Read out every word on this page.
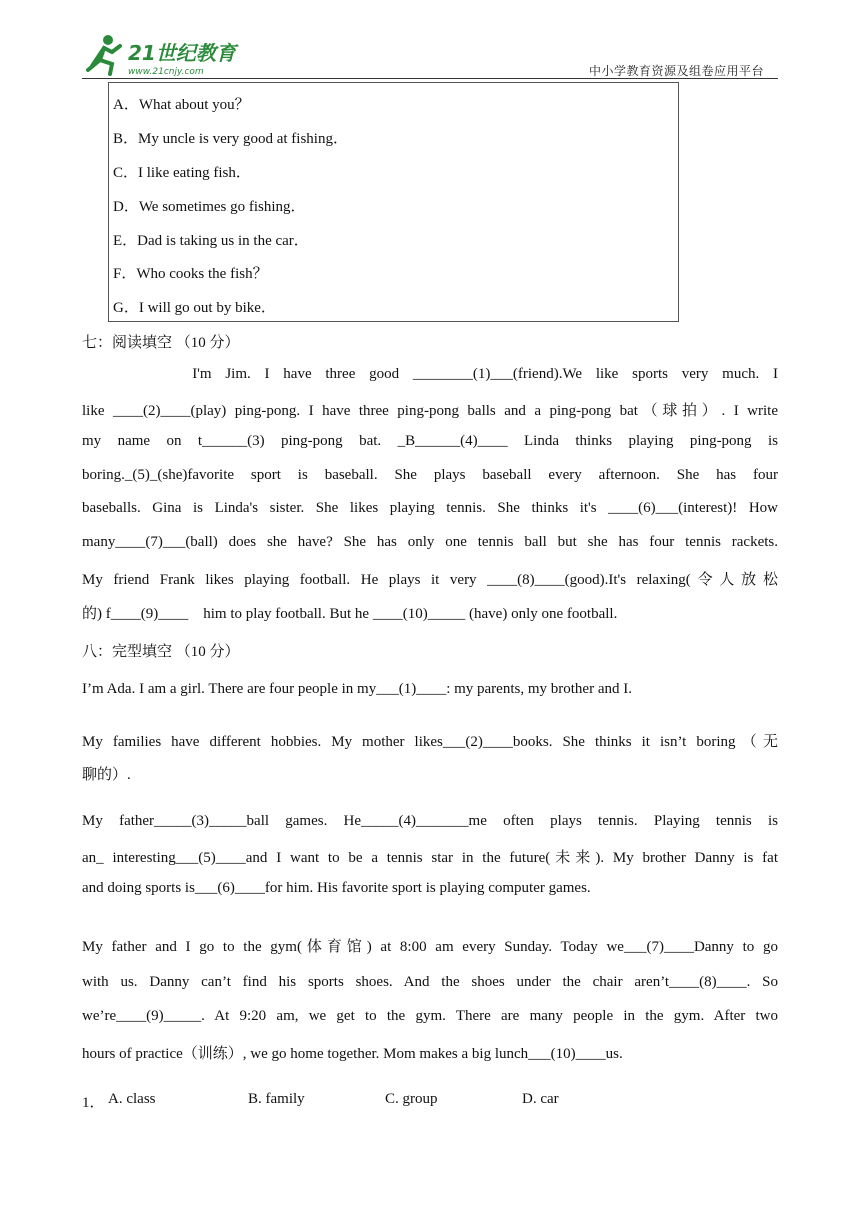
21世纪教育
www.21cnjy.com	中小学教育资源及组卷应用平台
A．What about you？
B．My uncle is very good at fishing．
C．I like eating fish．
D．We sometimes go fishing．
E．Dad is taking us in the car．
F．Who cooks the fish？
G．I will go out by bike．
七：阅读填空 （10 分）
I'm Jim. I have three good ________(1)___(friend).We like sports very much. I
like ____(2)____(play) ping-pong. I have three ping-pong balls and a ping-pong bat（球拍）. I write
my name on t______(3) ping-pong bat. _B______(4)____ Linda thinks playing ping-pong is
boring._(5)_(she)favorite sport is baseball. She plays baseball every afternoon. She has four
baseballs. Gina is Linda's sister. She likes playing tennis. She thinks it's ____(6)___(interest)! How
many____(7)___(ball) does she have? She has only one tennis ball but she has four tennis rackets.
My friend Frank likes playing football. He plays it very ____(8)____(good).It's relaxing(令人放松
的) f____(9)____    him to play football. But he ____(10)_____ (have) only one football.
八：完型填空 （10 分）
I’m Ada. I am a girl. There are four people in my___(1)____: my parents, my brother and I.
My families have different hobbies. My mother likes___(2)____books. She thinks it isn’t boring（无
聊的）.
My father_____(3)_____ball games. He_____(4)_______me often plays tennis. Playing tennis is
an_ interesting___(5)____and I want to be a tennis star in the future(未来). My brother Danny is fat
and doing sports is___(6)____for him. His favorite sport is playing computer games.
My father and I go to the gym(体育馆) at 8:00 am every Sunday. Today we___(7)____Danny to go
with us. Danny can’t find his sports shoes. And the shoes under the chair aren’t____(8)____. So
we’re____(9)_____. At 9:20 am, we get to the gym. There are many people in the gym. After two
hours of practice（训练）, we go home together. Mom makes a big lunch___(10)____us.
1． A. class	B. family	C. group	D. car
